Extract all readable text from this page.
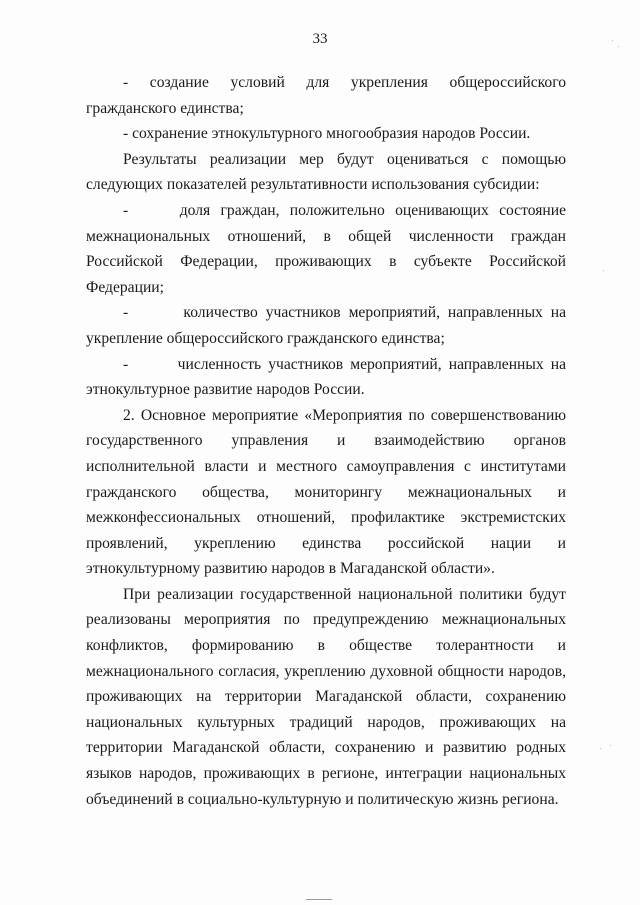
33

- создание условий для укрепления общероссийского гражданского единства;

- сохранение этнокультурного многообразия народов России.

Результаты реализации мер будут оцениваться с помощью следующих показателей результативности использования субсидии:

-     доля граждан, положительно оценивающих состояние межнациональных отношений, в общей численности граждан Российской Федерации, проживающих в субъекте Российской Федерации;

-       количество участников мероприятий, направленных на укрепление общероссийского гражданского единства;

-       численность участников мероприятий, направленных на этнокультурное развитие народов России.

2. Основное мероприятие «Мероприятия по совершенствованию государственного управления и взаимодействию органов исполнительной власти и местного самоуправления с институтами гражданского общества, мониторингу межнациональных и межконфессиональных отношений, профилактике экстремистских проявлений, укреплению единства российской нации и этнокультурному развитию народов в Магаданской области».

При реализации государственной национальной политики будут реализованы мероприятия по предупреждению межнациональных конфликтов, формированию в обществе толерантности и межнационального согласия, укреплению духовной общности народов, проживающих на территории Магаданской области, сохранению национальных культурных традиций народов, проживающих на территории Магаданской области, сохранению и развитию родных языков народов, проживающих в регионе, интеграции национальных объединений в социально-культурную и политическую жизнь региона.
